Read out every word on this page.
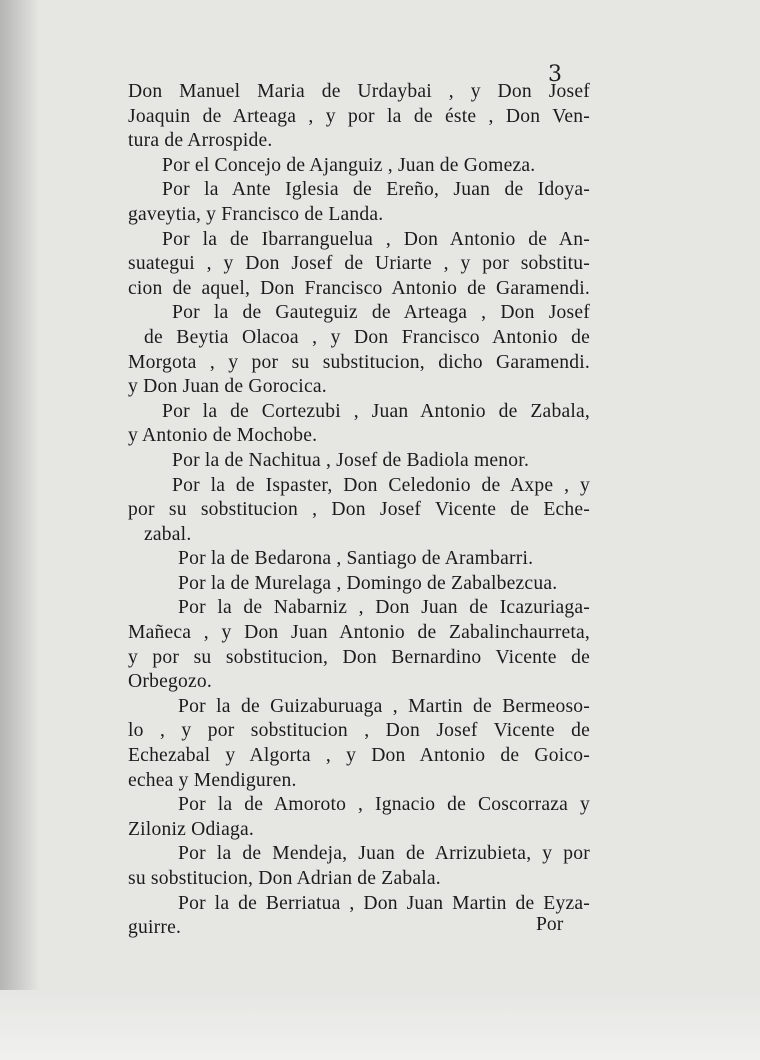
3
Don Manuel Maria de Urdaybai , y Don Josef
Joaquin de Arteaga , y por la de éste , Don Ven-
tura de Arrospide.
Por el Concejo de Ajanguiz , Juan de Gomeza.
Por la Ante Iglesia de Ereño, Juan de Idoya-
gaveytia, y Francisco de Landa.
Por la de Ibarranguelua , Don Antonio de An-
suategui , y Don Josef de Uriarte , y por sobstitu-
cion de aquel, Don Francisco Antonio de Garamendi.
Por la de Gauteguiz de Arteaga , Don Josef
de Beytia Olacoa , y Don Francisco Antonio de
Morgota , y por su substitucion, dicho Garamendi.
y Don Juan de Gorocica.
Por la de Cortezubi , Juan Antonio de Zabala,
y Antonio de Mochobe.
Por la de Nachitua , Josef de Badiola menor.
Por la de Ispaster, Don Celedonio de Axpe , y
por su sobstitucion , Don Josef Vicente de Eche-
zabal.
Por la de Bedarona , Santiago de Arambarri.
Por la de Murelaga , Domingo de Zabalbezcua.
Por la de Nabarniz , Don Juan de Icazuriaga-
Mañeca , y Don Juan Antonio de Zabalinchaurreta,
y por su sobstitucion, Don Bernardino Vicente de
Orbegozo.
Por la de Guizaburuaga , Martin de Bermeoso-
lo , y por sobstitucion , Don Josef Vicente de
Echezabal y Algorta , y Don Antonio de Goico-
echea y Mendiguren.
Por la de Amoroto , Ignacio de Coscorraza y
Ziloniz Odiaga.
Por la de Mendeja, Juan de Arrizubieta, y por
su sobstitucion, Don Adrian de Zabala.
Por la de Berriatua , Don Juan Martin de Eyza-
guirre.	Por
